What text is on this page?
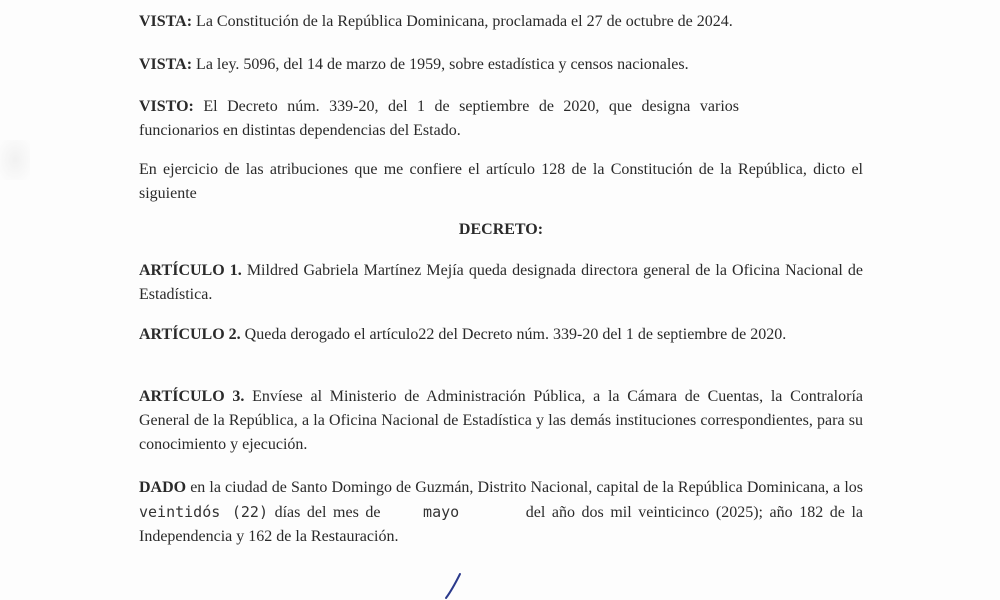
VISTA: La Constitución de la República Dominicana, proclamada el 27 de octubre de 2024.

VISTA: La ley. 5096, del 14 de marzo de 1959, sobre estadística y censos nacionales.

VISTO: El Decreto núm. 339-20, del 1 de septiembre de 2020, que designa varios funcionarios en distintas dependencias del Estado.

En ejercicio de las atribuciones que me confiere el artículo 128 de la Constitución de la República, dicto el siguiente

DECRETO:

ARTÍCULO 1. Mildred Gabriela Martínez Mejía queda designada directora general de la Oficina Nacional de Estadística.

ARTÍCULO 2. Queda derogado el artículo22 del Decreto núm. 339-20 del 1 de septiembre de 2020.

ARTÍCULO 3. Envíese al Ministerio de Administración Pública, a la Cámara de Cuentas, la Contraloría General de la República, a la Oficina Nacional de Estadística y las demás instituciones correspondientes, para su conocimiento y ejecución.

DADO en la ciudad de Santo Domingo de Guzmán, Distrito Nacional, capital de la República Dominicana, a los veintidós (22) días del mes de mayo	del año dos mil veinticinco (2025); año 182 de la Independencia y 162 de la Restauración.
